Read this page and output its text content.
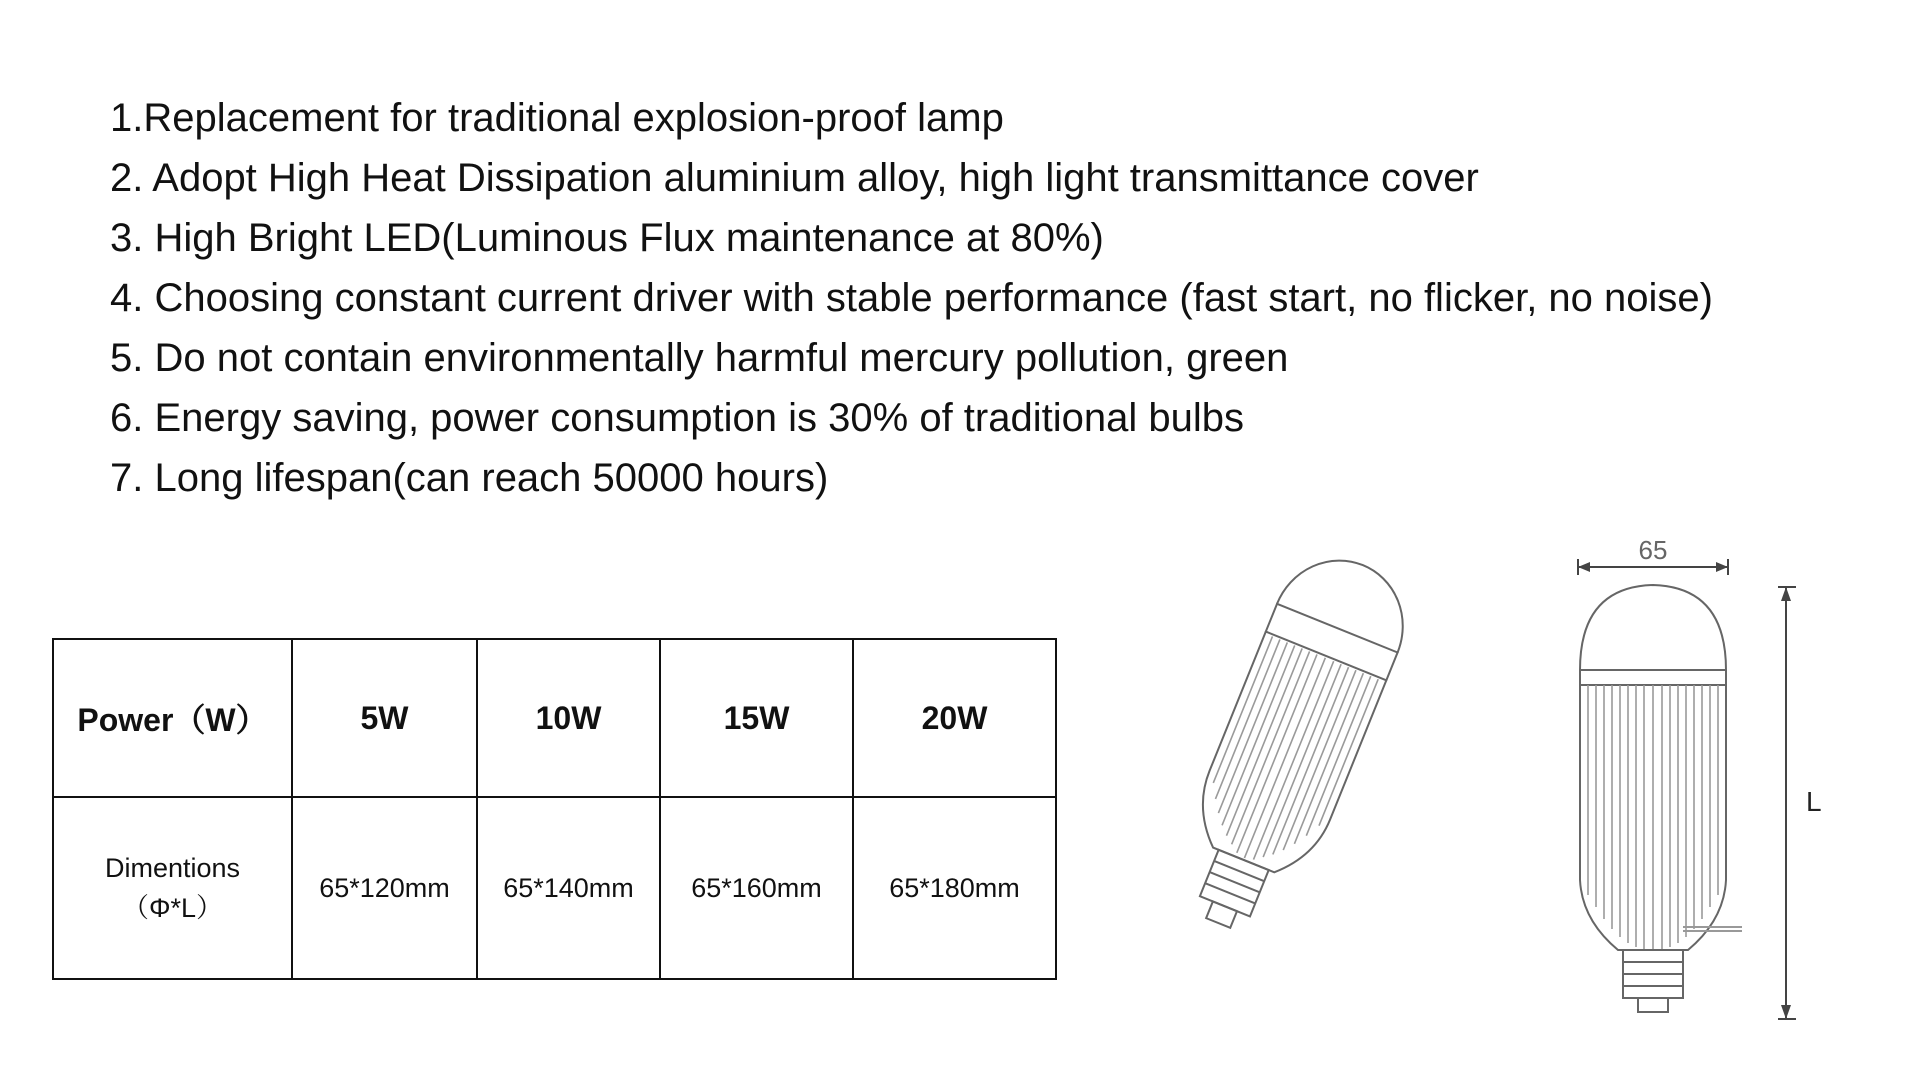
1.Replacement for traditional explosion-proof lamp
2. Adopt High Heat Dissipation aluminium alloy, high light transmittance cover
3. High Bright LED(Luminous Flux maintenance at 80%)
4. Choosing constant current driver with stable performance (fast start, no flicker, no noise)
5. Do not contain environmentally harmful mercury pollution, green
6. Energy saving, power consumption is 30% of traditional bulbs
7. Long lifespan(can reach 50000 hours)
Power（W）	5W	10W	15W	20W

Dimentions
（Φ*L）	65*120mm	65*140mm	65*160mm	65*180mm
65
L
